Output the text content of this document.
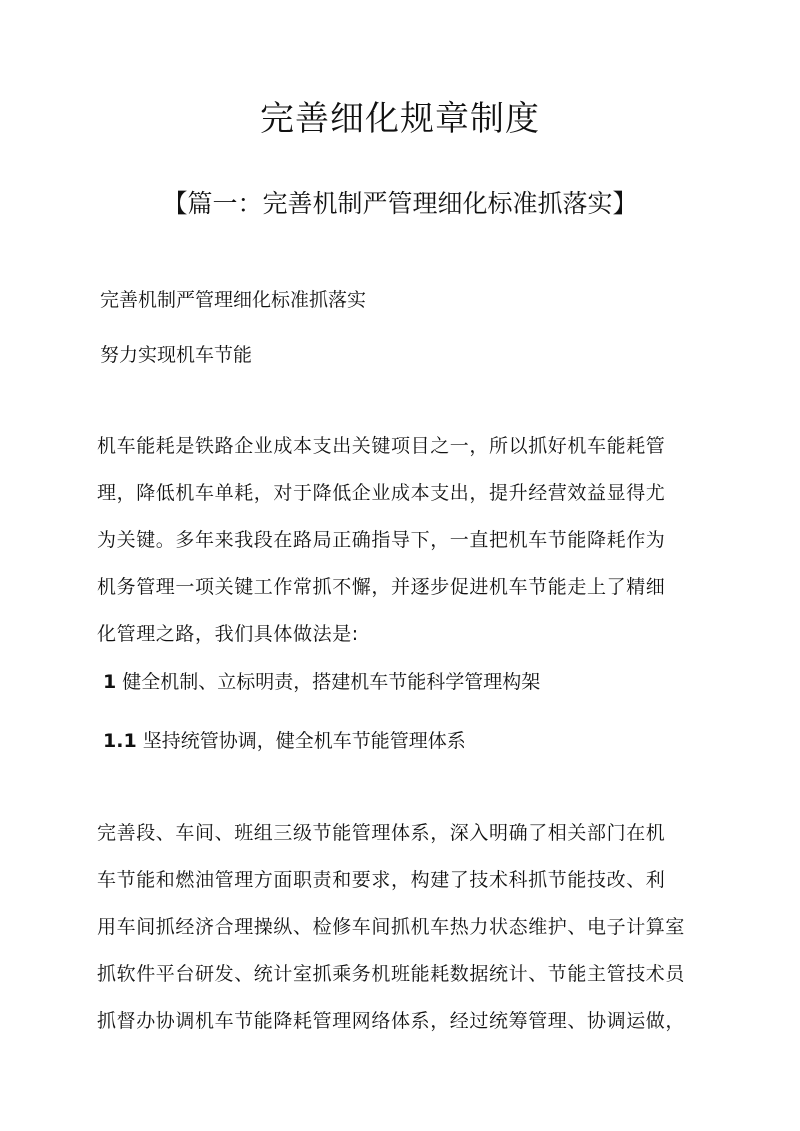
完善细化规章制度
【篇一：完善机制严管理细化标准抓落实】

完善机制严管理细化标准抓落实

努力实现机车节能

机车能耗是铁路企业成本支出关键项目之一，所以抓好机车能耗管
理，降低机车单耗，对于降低企业成本支出，提升经营效益显得尤
为关键。多年来我段在路局正确指导下，一直把机车节能降耗作为
机务管理一项关键工作常抓不懈，并逐步促进机车节能走上了精细
化管理之路，我们具体做法是:

1 健全机制、立标明责，搭建机车节能科学管理构架

1.1 坚持统管协调，健全机车节能管理体系

完善段、车间、班组三级节能管理体系，深入明确了相关部门在机
车节能和燃油管理方面职责和要求，构建了技术科抓节能技改、利
用车间抓经济合理操纵、检修车间抓机车热力状态维护、电子计算室
抓软件平台研发、统计室抓乘务机班能耗数据统计、节能主管技术员
抓督办协调机车节能降耗管理网络体系，经过统筹管理、协调运做，
